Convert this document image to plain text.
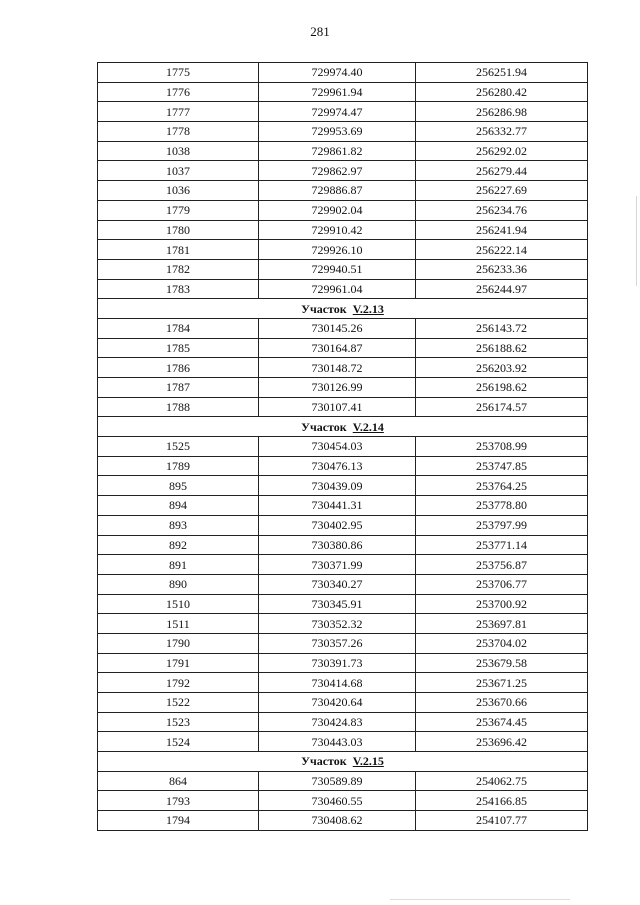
281
1775	729974.40	256251.94
1776	729961.94	256280.42
1777	729974.47	256286.98
1778	729953.69	256332.77
1038	729861.82	256292.02
1037	729862.97	256279.44
1036	729886.87	256227.69
1779	729902.04	256234.76
1780	729910.42	256241.94
1781	729926.10	256222.14
1782	729940.51	256233.36
1783	729961.04	256244.97
Участок V.2.13		
1784	730145.26	256143.72
1785	730164.87	256188.62
1786	730148.72	256203.92
1787	730126.99	256198.62
1788	730107.41	256174.57
Участок V.2.14		
1525	730454.03	253708.99
1789	730476.13	253747.85
895	730439.09	253764.25
894	730441.31	253778.80
893	730402.95	253797.99
892	730380.86	253771.14
891	730371.99	253756.87
890	730340.27	253706.77
1510	730345.91	253700.92
1511	730352.32	253697.81
1790	730357.26	253704.02
1791	730391.73	253679.58
1792	730414.68	253671.25
1522	730420.64	253670.66
1523	730424.83	253674.45
1524	730443.03	253696.42
Участок V.2.15		
864	730589.89	254062.75
1793	730460.55	254166.85
1794	730408.62	254107.77
